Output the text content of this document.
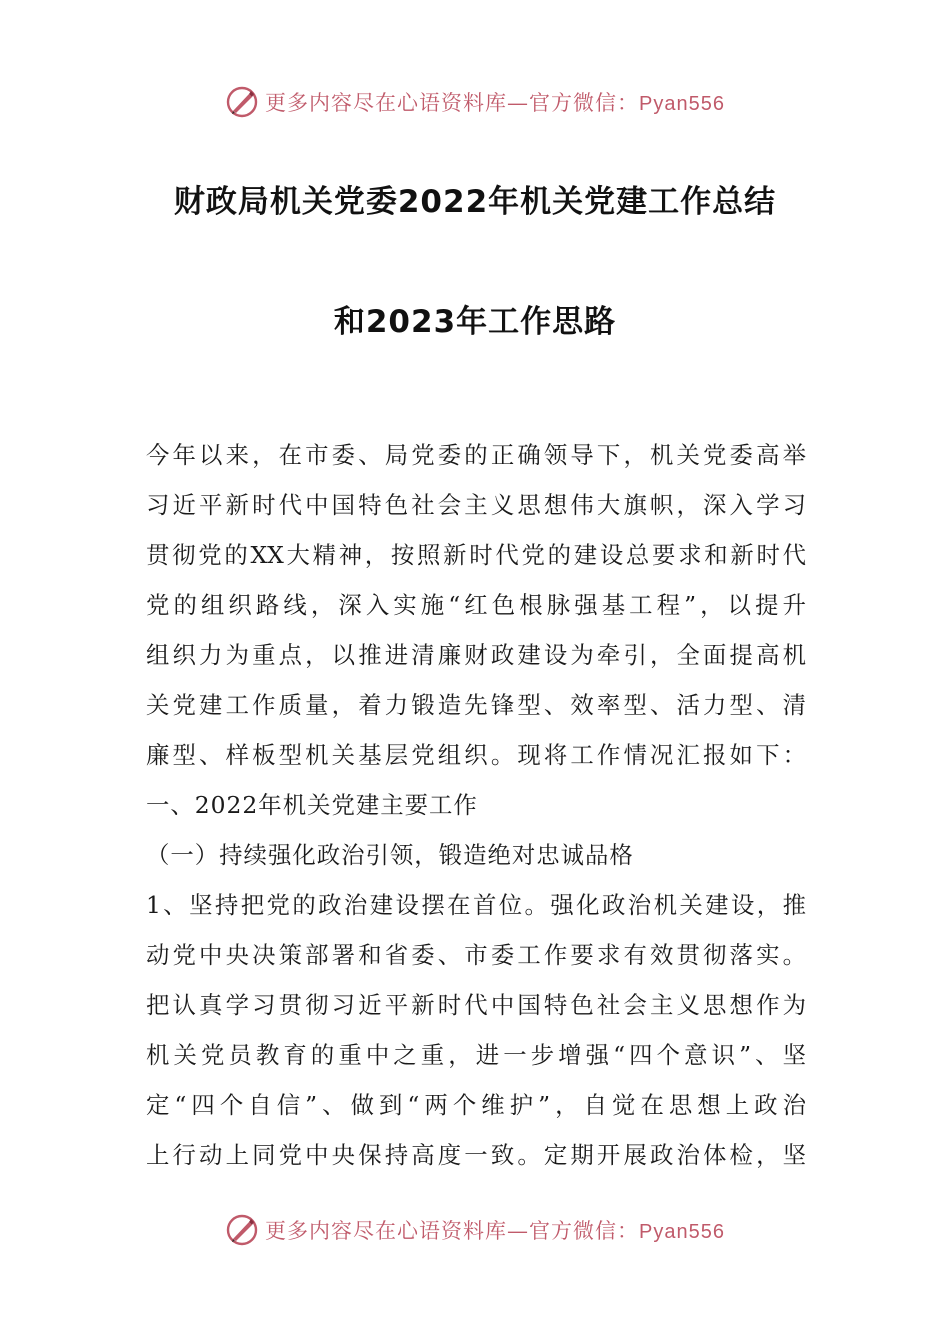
更多内容尽在心语资料库—官方微信：Pyan556
财政局机关党委2022年机关党建工作总结
和2023年工作思路
今年以来，在市委、局党委的正确领导下，机关党委高举
习近平新时代中国特色社会主义思想伟大旗帜，深入学习
贯彻党的XX大精神，按照新时代党的建设总要求和新时代
党的组织路线，深入实施“红色根脉强基工程”，以提升
组织力为重点，以推进清廉财政建设为牵引，全面提高机
关党建工作质量，着力锻造先锋型、效率型、活力型、清
廉型、样板型机关基层党组织。现将工作情况汇报如下：
一、2022年机关党建主要工作
（一）持续强化政治引领，锻造绝对忠诚品格
1、坚持把党的政治建设摆在首位。强化政治机关建设，推
动党中央决策部署和省委、市委工作要求有效贯彻落实。
把认真学习贯彻习近平新时代中国特色社会主义思想作为
机关党员教育的重中之重，进一步增强“四个意识”、坚
定“四个自信”、做到“两个维护”，自觉在思想上政治
上行动上同党中央保持高度一致。定期开展政治体检，坚
更多内容尽在心语资料库—官方微信：Pyan556
